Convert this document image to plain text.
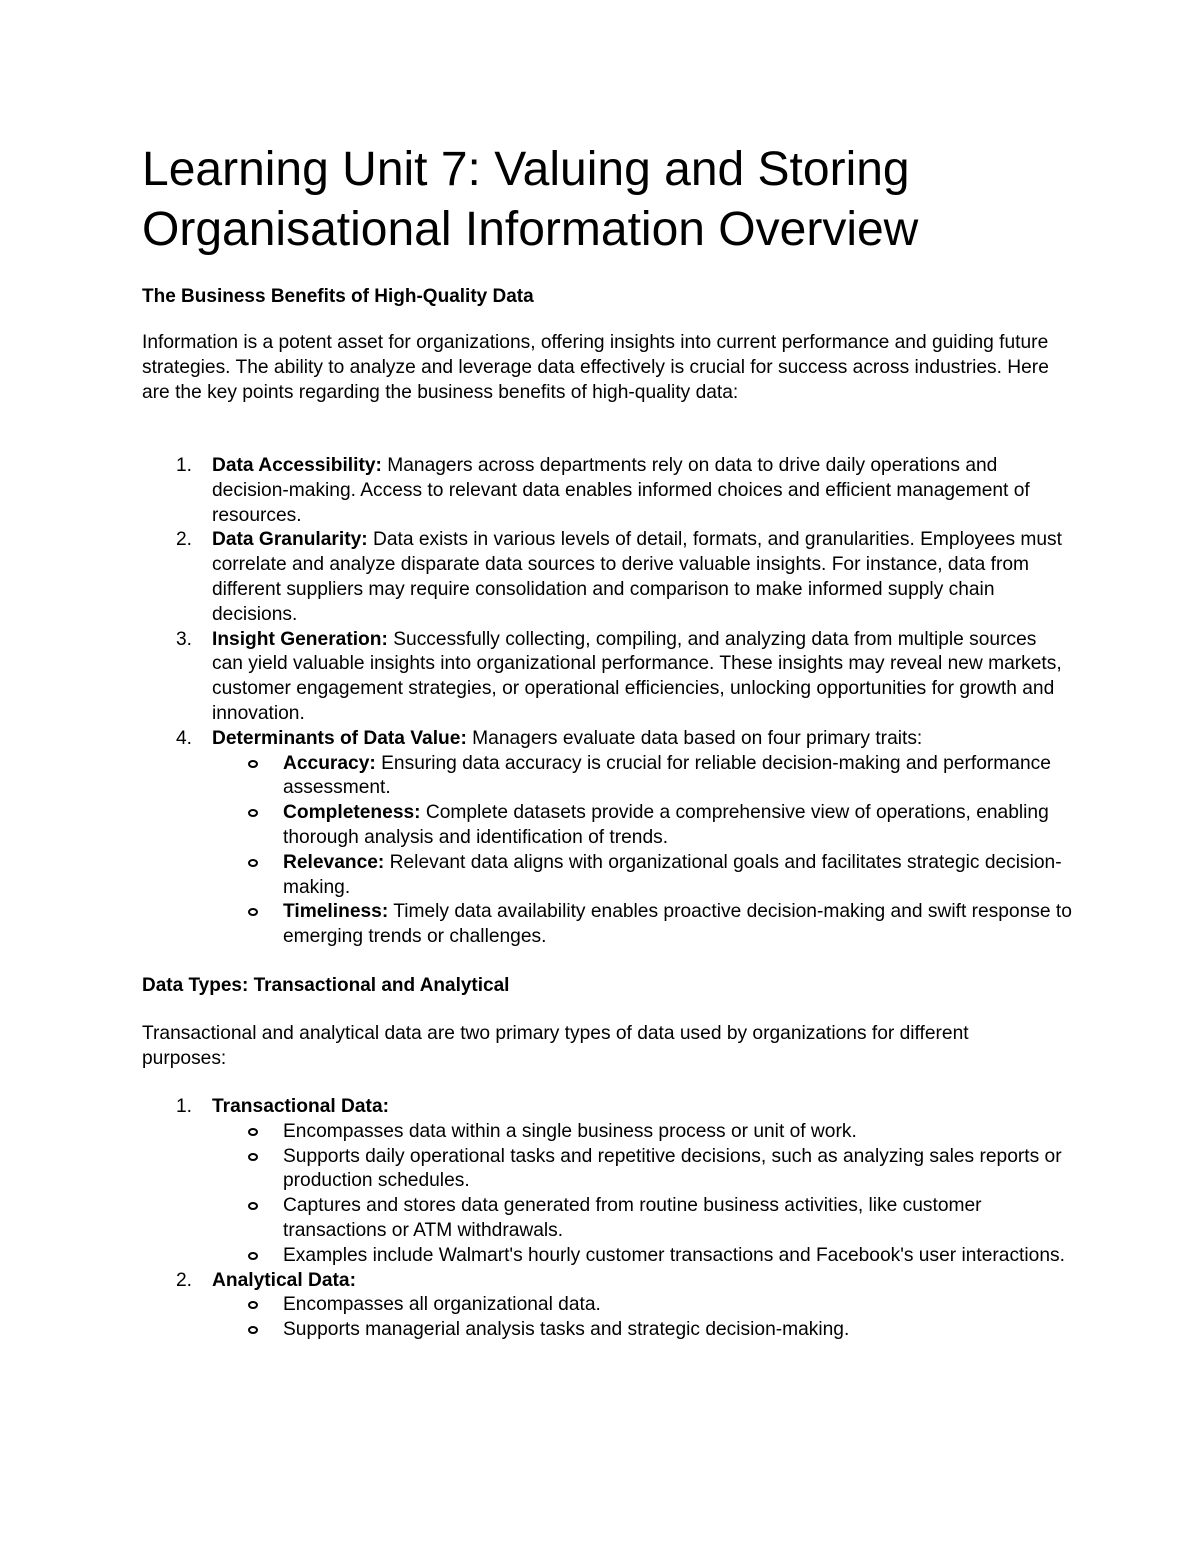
Learning Unit 7: Valuing and Storing Organisational Information Overview
The Business Benefits of High-Quality Data

Information is a potent asset for organizations, offering insights into current performance and guiding future strategies. The ability to analyze and leverage data effectively is crucial for success across industries. Here are the key points regarding the business benefits of high-quality data:

1. Data Accessibility: Managers across departments rely on data to drive daily operations and decision-making. Access to relevant data enables informed choices and efficient management of resources.
2. Data Granularity: Data exists in various levels of detail, formats, and granularities. Employees must correlate and analyze disparate data sources to derive valuable insights. For instance, data from different suppliers may require consolidation and comparison to make informed supply chain decisions.
3. Insight Generation: Successfully collecting, compiling, and analyzing data from multiple sources can yield valuable insights into organizational performance. These insights may reveal new markets, customer engagement strategies, or operational efficiencies, unlocking opportunities for growth and innovation.
4. Determinants of Data Value: Managers evaluate data based on four primary traits:
Accuracy: Ensuring data accuracy is crucial for reliable decision-making and performance assessment.
Completeness: Complete datasets provide a comprehensive view of operations, enabling thorough analysis and identification of trends.
Relevance: Relevant data aligns with organizational goals and facilitates strategic decision-making.
Timeliness: Timely data availability enables proactive decision-making and swift response to emerging trends or challenges.
Data Types: Transactional and Analytical

Transactional and analytical data are two primary types of data used by organizations for different purposes:

1. Transactional Data:
Encompasses data within a single business process or unit of work.
Supports daily operational tasks and repetitive decisions, such as analyzing sales reports or production schedules.
Captures and stores data generated from routine business activities, like customer transactions or ATM withdrawals.
Examples include Walmart's hourly customer transactions and Facebook's user interactions.
2. Analytical Data:
Encompasses all organizational data.
Supports managerial analysis tasks and strategic decision-making.
